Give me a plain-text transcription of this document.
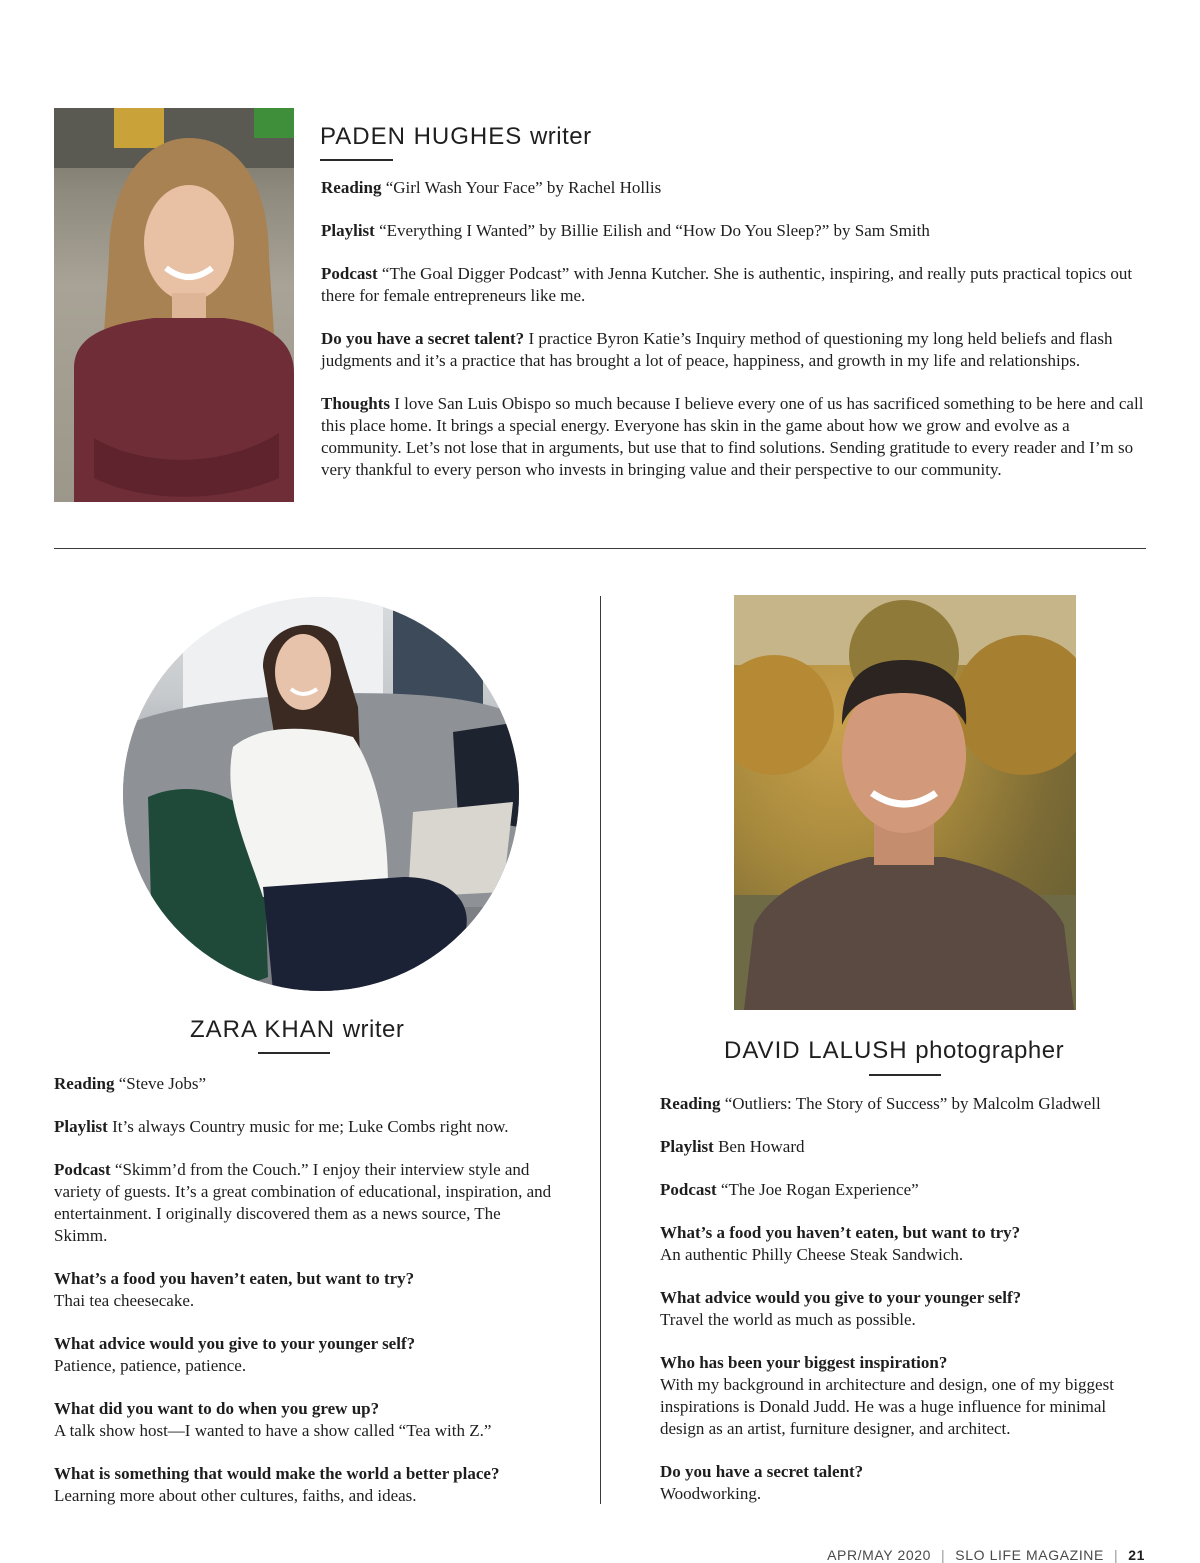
PADEN HUGHES writer

Reading “Girl Wash Your Face” by Rachel Hollis

Playlist “Everything I Wanted” by Billie Eilish and “How Do You Sleep?” by Sam Smith

Podcast “The Goal Digger Podcast” with Jenna Kutcher. She is authentic, inspiring, and really puts practical topics out there for female entrepreneurs like me.

Do you have a secret talent? I practice Byron Katie’s Inquiry method of questioning my long held beliefs and flash judgments and it’s a practice that has brought a lot of peace, happiness, and growth in my life and relationships.

Thoughts I love San Luis Obispo so much because I believe every one of us has sacrificed something to be here and call this place home. It brings a special energy. Everyone has skin in the game about how we grow and evolve as a community. Let’s not lose that in arguments, but use that to find solutions. Sending gratitude to every reader and I’m so very thankful to every person who invests in bringing value and their perspective to our community.

ZARA KHAN writer

Reading “Steve Jobs”

Playlist It’s always Country music for me; Luke Combs right now.

Podcast “Skimm’d from the Couch.” I enjoy their interview style and variety of guests. It’s a great combination of educational, inspiration, and entertainment. I originally discovered them as a news source, The Skimm.

What’s a food you haven’t eaten, but want to try?
Thai tea cheesecake.

What advice would you give to your younger self?
Patience, patience, patience.

What did you want to do when you grew up?
A talk show host—I wanted to have a show called “Tea with Z.”

What is something that would make the world a better place?
Learning more about other cultures, faiths, and ideas.

DAVID LALUSH photographer

Reading “Outliers: The Story of Success” by Malcolm Gladwell

Playlist Ben Howard

Podcast “The Joe Rogan Experience”

What’s a food you haven’t eaten, but want to try?
An authentic Philly Cheese Steak Sandwich.

What advice would you give to your younger self?
Travel the world as much as possible.

Who has been your biggest inspiration?
With my background in architecture and design, one of my biggest inspirations is Donald Judd. He was a huge influence for minimal design as an artist, furniture designer, and architect.

Do you have a secret talent?
Woodworking.

APR/MAY 2020 | SLO LIFE MAGAZINE | 21
